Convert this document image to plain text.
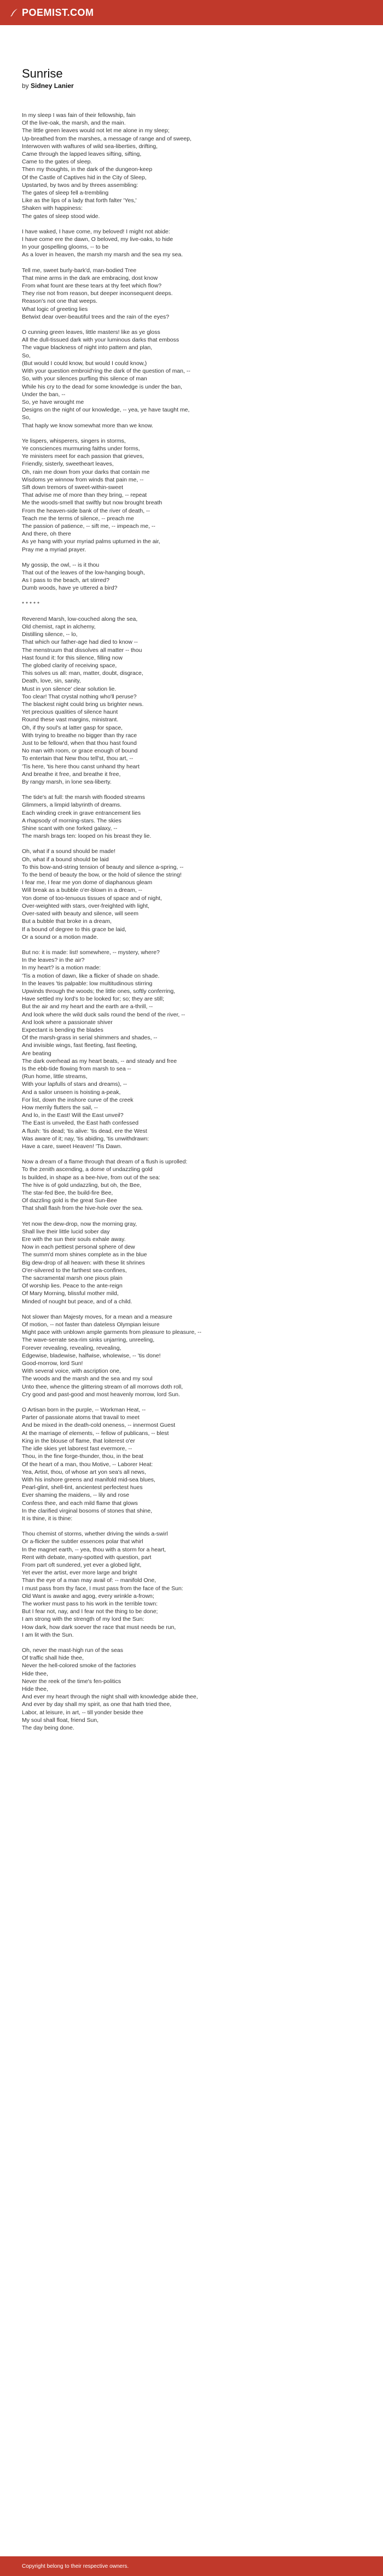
POEMIST.COM
Sunrise
by Sidney Lanier
In my sleep I was fain of their fellowship, fain
Of the live-oak, the marsh, and the main.
The little green leaves would not let me alone in my sleep;
Up-breathed from the marshes, a message of range and of sweep,
Interwoven with waftures of wild sea-liberties, drifting,
Came through the lapped leaves sifting, sifting,
Came to the gates of sleep.
Then my thoughts, in the dark of the dungeon-keep
Of the Castle of Captives hid in the City of Sleep,
Upstarted, by twos and by threes assembling:
The gates of sleep fell a-trembling
Like as the lips of a lady that forth falter 'Yes,'
Shaken with happiness:
The gates of sleep stood wide.
I have waked, I have come, my beloved! I might not abide:
I have come ere the dawn, O beloved, my live-oaks, to hide
In your gospelling glooms, -- to be
As a lover in heaven, the marsh my marsh and the sea my sea.
Tell me, sweet burly-bark'd, man-bodied Tree
That mine arms in the dark are embracing, dost know
From what fount are these tears at thy feet which flow?
They rise not from reason, but deeper inconsequent deeps.
Reason's not one that weeps.
What logic of greeting lies
Betwixt dear over-beautiful trees and the rain of the eyes?
O cunning green leaves, little masters! like as ye gloss
All the dull-tissued dark with your luminous darks that emboss
The vague blackness of night into pattern and plan,
So,
(But would I could know, but would I could know,)
With your question embroid'ring the dark of the question of man, --
So, with your silences purfling this silence of man
While his cry to the dead for some knowledge is under the ban,
Under the ban, --
So, ye have wrought me
Designs on the night of our knowledge, -- yea, ye have taught me,
So,
That haply we know somewhat more than we know.
Ye lispers, whisperers, singers in storms,
Ye consciences murmuring faiths under forms,
Ye ministers meet for each passion that grieves,
Friendly, sisterly, sweetheart leaves,
Oh, rain me down from your darks that contain me
Wisdoms ye winnow from winds that pain me, --
Sift down tremors of sweet-within-sweet
That advise me of more than they bring, -- repeat
Me the woods-smell that swiftly but now brought breath
From the heaven-side bank of the river of death, --
Teach me the terms of silence, -- preach me
The passion of patience, -- sift me, -- impeach me, --
And there, oh there
As ye hang with your myriad palms upturned in the air,
Pray me a myriad prayer.
My gossip, the owl, -- is it thou
That out of the leaves of the low-hanging bough,
As I pass to the beach, art stirred?
Dumb woods, have ye uttered a bird?
* * * * *
Reverend Marsh, low-couched along the sea,
Old chemist, rapt in alchemy,
Distilling silence, -- lo,
That which our father-age had died to know --
The menstruum that dissolves all matter -- thou
Hast found it: for this silence, filling now
The globed clarity of receiving space,
This solves us all: man, matter, doubt, disgrace,
Death, love, sin, sanity,
Must in yon silence' clear solution lie.
Too clear! That crystal nothing who'll peruse?
The blackest night could bring us brighter news.
Yet precious qualities of silence haunt
Round these vast margins, ministrant.
Oh, if thy soul's at latter gasp for space,
With trying to breathe no bigger than thy race
Just to be fellow'd, when that thou hast found
No man with room, or grace enough of bound
To entertain that New thou tell'st, thou art, --
'Tis here, 'tis here thou canst unhand thy heart
And breathe it free, and breathe it free,
By rangy marsh, in lone sea-liberty.
The tide's at full: the marsh with flooded streams
Glimmers, a limpid labyrinth of dreams.
Each winding creek in grave entrancement lies
A rhapsody of morning-stars. The skies
Shine scant with one forked galaxy, --
The marsh brags ten: looped on his breast they lie.
Oh, what if a sound should be made!
Oh, what if a bound should be laid
To this bow-and-string tension of beauty and silence a-spring, --
To the bend of beauty the bow, or the hold of silence the string!
I fear me, I fear me yon dome of diaphanous gleam
Will break as a bubble o'er-blown in a dream, --
Yon dome of too-tenuous tissues of space and of night,
Over-weighted with stars, over-freighted with light,
Over-sated with beauty and silence, will seem
But a bubble that broke in a dream,
If a bound of degree to this grace be laid,
Or a sound or a motion made.
But no: it is made: list! somewhere, -- mystery, where?
In the leaves? in the air?
In my heart? is a motion made:
'Tis a motion of dawn, like a flicker of shade on shade.
In the leaves 'tis palpable: low multitudinous stirring
Upwinds through the woods; the little ones, softly conferring,
Have settled my lord's to be looked for; so; they are still;
But the air and my heart and the earth are a-thrill, --
And look where the wild duck sails round the bend of the river, --
And look where a passionate shiver
Expectant is bending the blades
Of the marsh-grass in serial shimmers and shades, --
And invisible wings, fast fleeting, fast fleeting,
Are beating
The dark overhead as my heart beats, -- and steady and free
Is the ebb-tide flowing from marsh to sea --
(Run home, little streams,
With your lapfulls of stars and dreams), --
And a sailor unseen is hoisting a-peak,
For list, down the inshore curve of the creek
How merrily flutters the sail, --
And lo, in the East! Will the East unveil?
The East is unveiled, the East hath confessed
A flush: 'tis dead; 'tis alive: 'tis dead, ere the West
Was aware of it; nay, 'tis abiding, 'tis unwithdrawn:
Have a care, sweet Heaven! 'Tis Dawn.
Now a dream of a flame through that dream of a flush is uprolled:
To the zenith ascending, a dome of undazzling gold
Is builded, in shape as a bee-hive, from out of the sea:
The hive is of gold undazzling, but oh, the Bee,
The star-fed Bee, the build-fire Bee,
Of dazzling gold is the great Sun-Bee
That shall flash from the hive-hole over the sea.
Yet now the dew-drop, now the morning gray,
Shall live their little lucid sober day
Ere with the sun their souls exhale away.
Now in each pettiest personal sphere of dew
The summ'd morn shines complete as in the blue
Big dew-drop of all heaven: with these lit shrines
O'er-silvered to the farthest sea-confines,
The sacramental marsh one pious plain
Of worship lies. Peace to the ante-reign
Of Mary Morning, blissful mother mild,
Minded of nought but peace, and of a child.
Not slower than Majesty moves, for a mean and a measure
Of motion, -- not faster than dateless Olympian leisure
Might pace with unblown ample garments from pleasure to pleasure, --
The wave-serrate sea-rim sinks unjarring, unreeling,
Forever revealing, revealing, revealing,
Edgewise, bladewise, halfwise, wholewise, -- 'tis done!
Good-morrow, lord Sun!
With several voice, with ascription one,
The woods and the marsh and the sea and my soul
Unto thee, whence the glittering stream of all morrows doth roll,
Cry good and past-good and most heavenly morrow, lord Sun.
O Artisan born in the purple, -- Workman Heat, --
Parter of passionate atoms that travail to meet
And be mixed in the death-cold oneness, -- innermost Guest
At the marriage of elements, -- fellow of publicans, -- blest
King in the blouse of flame, that loiterest o'er
The idle skies yet laborest fast evermore, --
Thou, in the fine forge-thunder, thou, in the beat
Of the heart of a man, thou Motive, -- Laborer Heat:
Yea, Artist, thou, of whose art yon sea's all news,
With his inshore greens and manifold mid-sea blues,
Pearl-glint, shell-tint, ancientest perfectest hues
Ever shaming the maidens, -- lily and rose
Confess thee, and each mild flame that glows
In the clarified virginal bosoms of stones that shine,
It is thine, it is thine:
Thou chemist of storms, whether driving the winds a-swirl
Or a-flicker the subtler essences polar that whirl
In the magnet earth, -- yea, thou with a storm for a heart,
Rent with debate, many-spotted with question, part
From part oft sundered, yet ever a globed light,
Yet ever the artist, ever more large and bright
Than the eye of a man may avail of: -- manifold One,
I must pass from thy face, I must pass from the face of the Sun:
Old Want is awake and agog, every wrinkle a-frown;
The worker must pass to his work in the terrible town:
But I fear not, nay, and I fear not the thing to be done;
I am strong with the strength of my lord the Sun:
How dark, how dark soever the race that must needs be run,
I am lit with the Sun.
Oh, never the mast-high run of the seas
Of traffic shall hide thee,
Never the hell-colored smoke of the factories
Hide thee,
Never the reek of the time's fen-politics
Hide thee,
And ever my heart through the night shall with knowledge abide thee,
And ever by day shall my spirit, as one that hath tried thee,
Labor, at leisure, in art, -- till yonder beside thee
My soul shall float, friend Sun,
The day being done.
Copyright belong to their respective owners.
